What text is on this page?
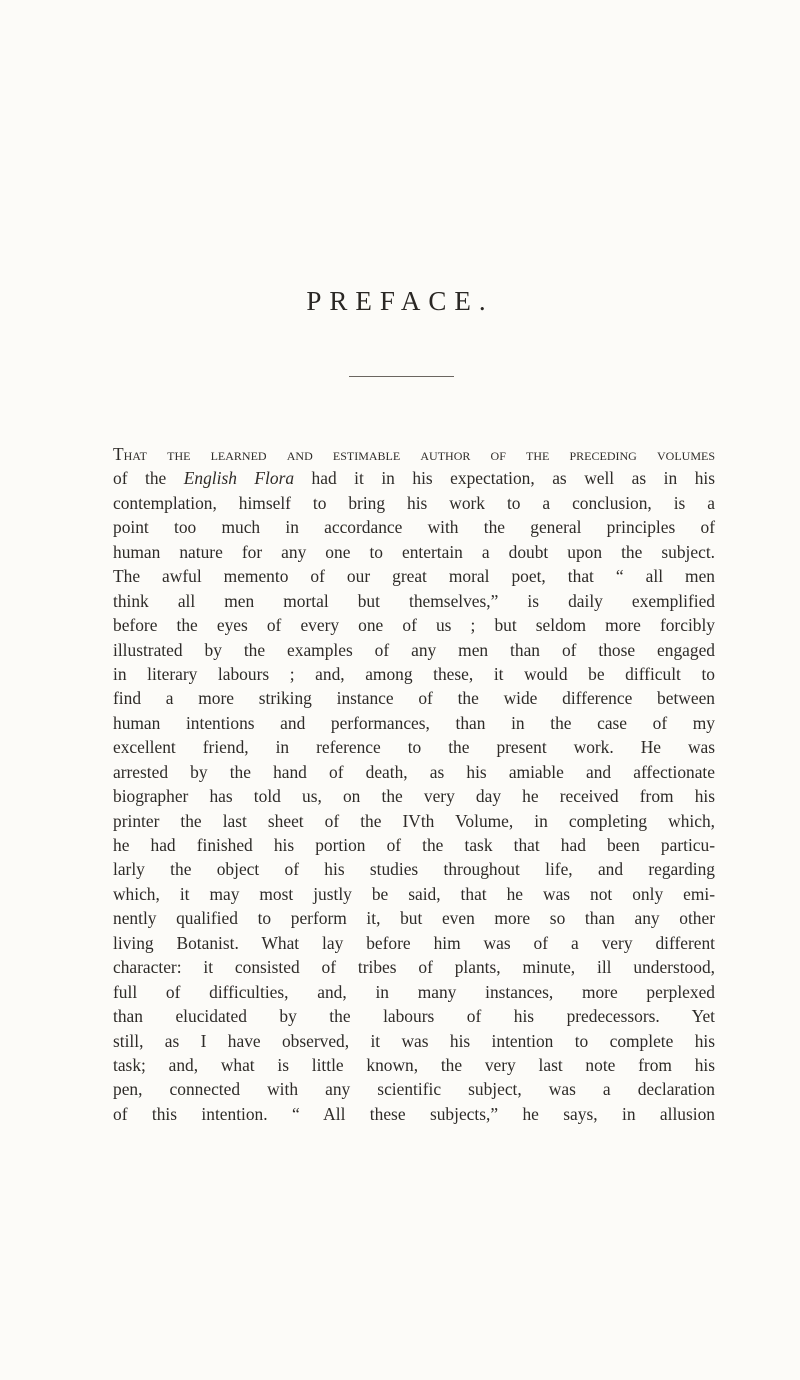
PREFACE.
That the learned and estimable author of the preceding volumes
of the English Flora had it in his expectation, as well as in his
contemplation, himself to bring his work to a conclusion, is a
point too much in accordance with the general principles of
human nature for any one to entertain a doubt upon the subject.
The awful memento of our great moral poet, that “ all men
think all men mortal but themselves,” is daily exemplified
before the eyes of every one of us ; but seldom more forcibly
illustrated by the examples of any men than of those engaged
in literary labours ; and, among these, it would be difficult to
find a more striking instance of the wide difference between
human intentions and performances, than in the case of my
excellent friend, in reference to the present work. He was
arrested by the hand of death, as his amiable and affectionate
biographer has told us, on the very day he received from his
printer the last sheet of the IVth Volume, in completing which,
he had finished his portion of the task that had been particu-
larly the object of his studies throughout life, and regarding
which, it may most justly be said, that he was not only emi-
nently qualified to perform it, but even more so than any other
living Botanist. What lay before him was of a very different
character: it consisted of tribes of plants, minute, ill understood,
full of difficulties, and, in many instances, more perplexed
than elucidated by the labours of his predecessors. Yet
still, as I have observed, it was his intention to complete his
task; and, what is little known, the very last note from his
pen, connected with any scientific subject, was a declaration
of this intention. “ All these subjects,” he says, in allusion
